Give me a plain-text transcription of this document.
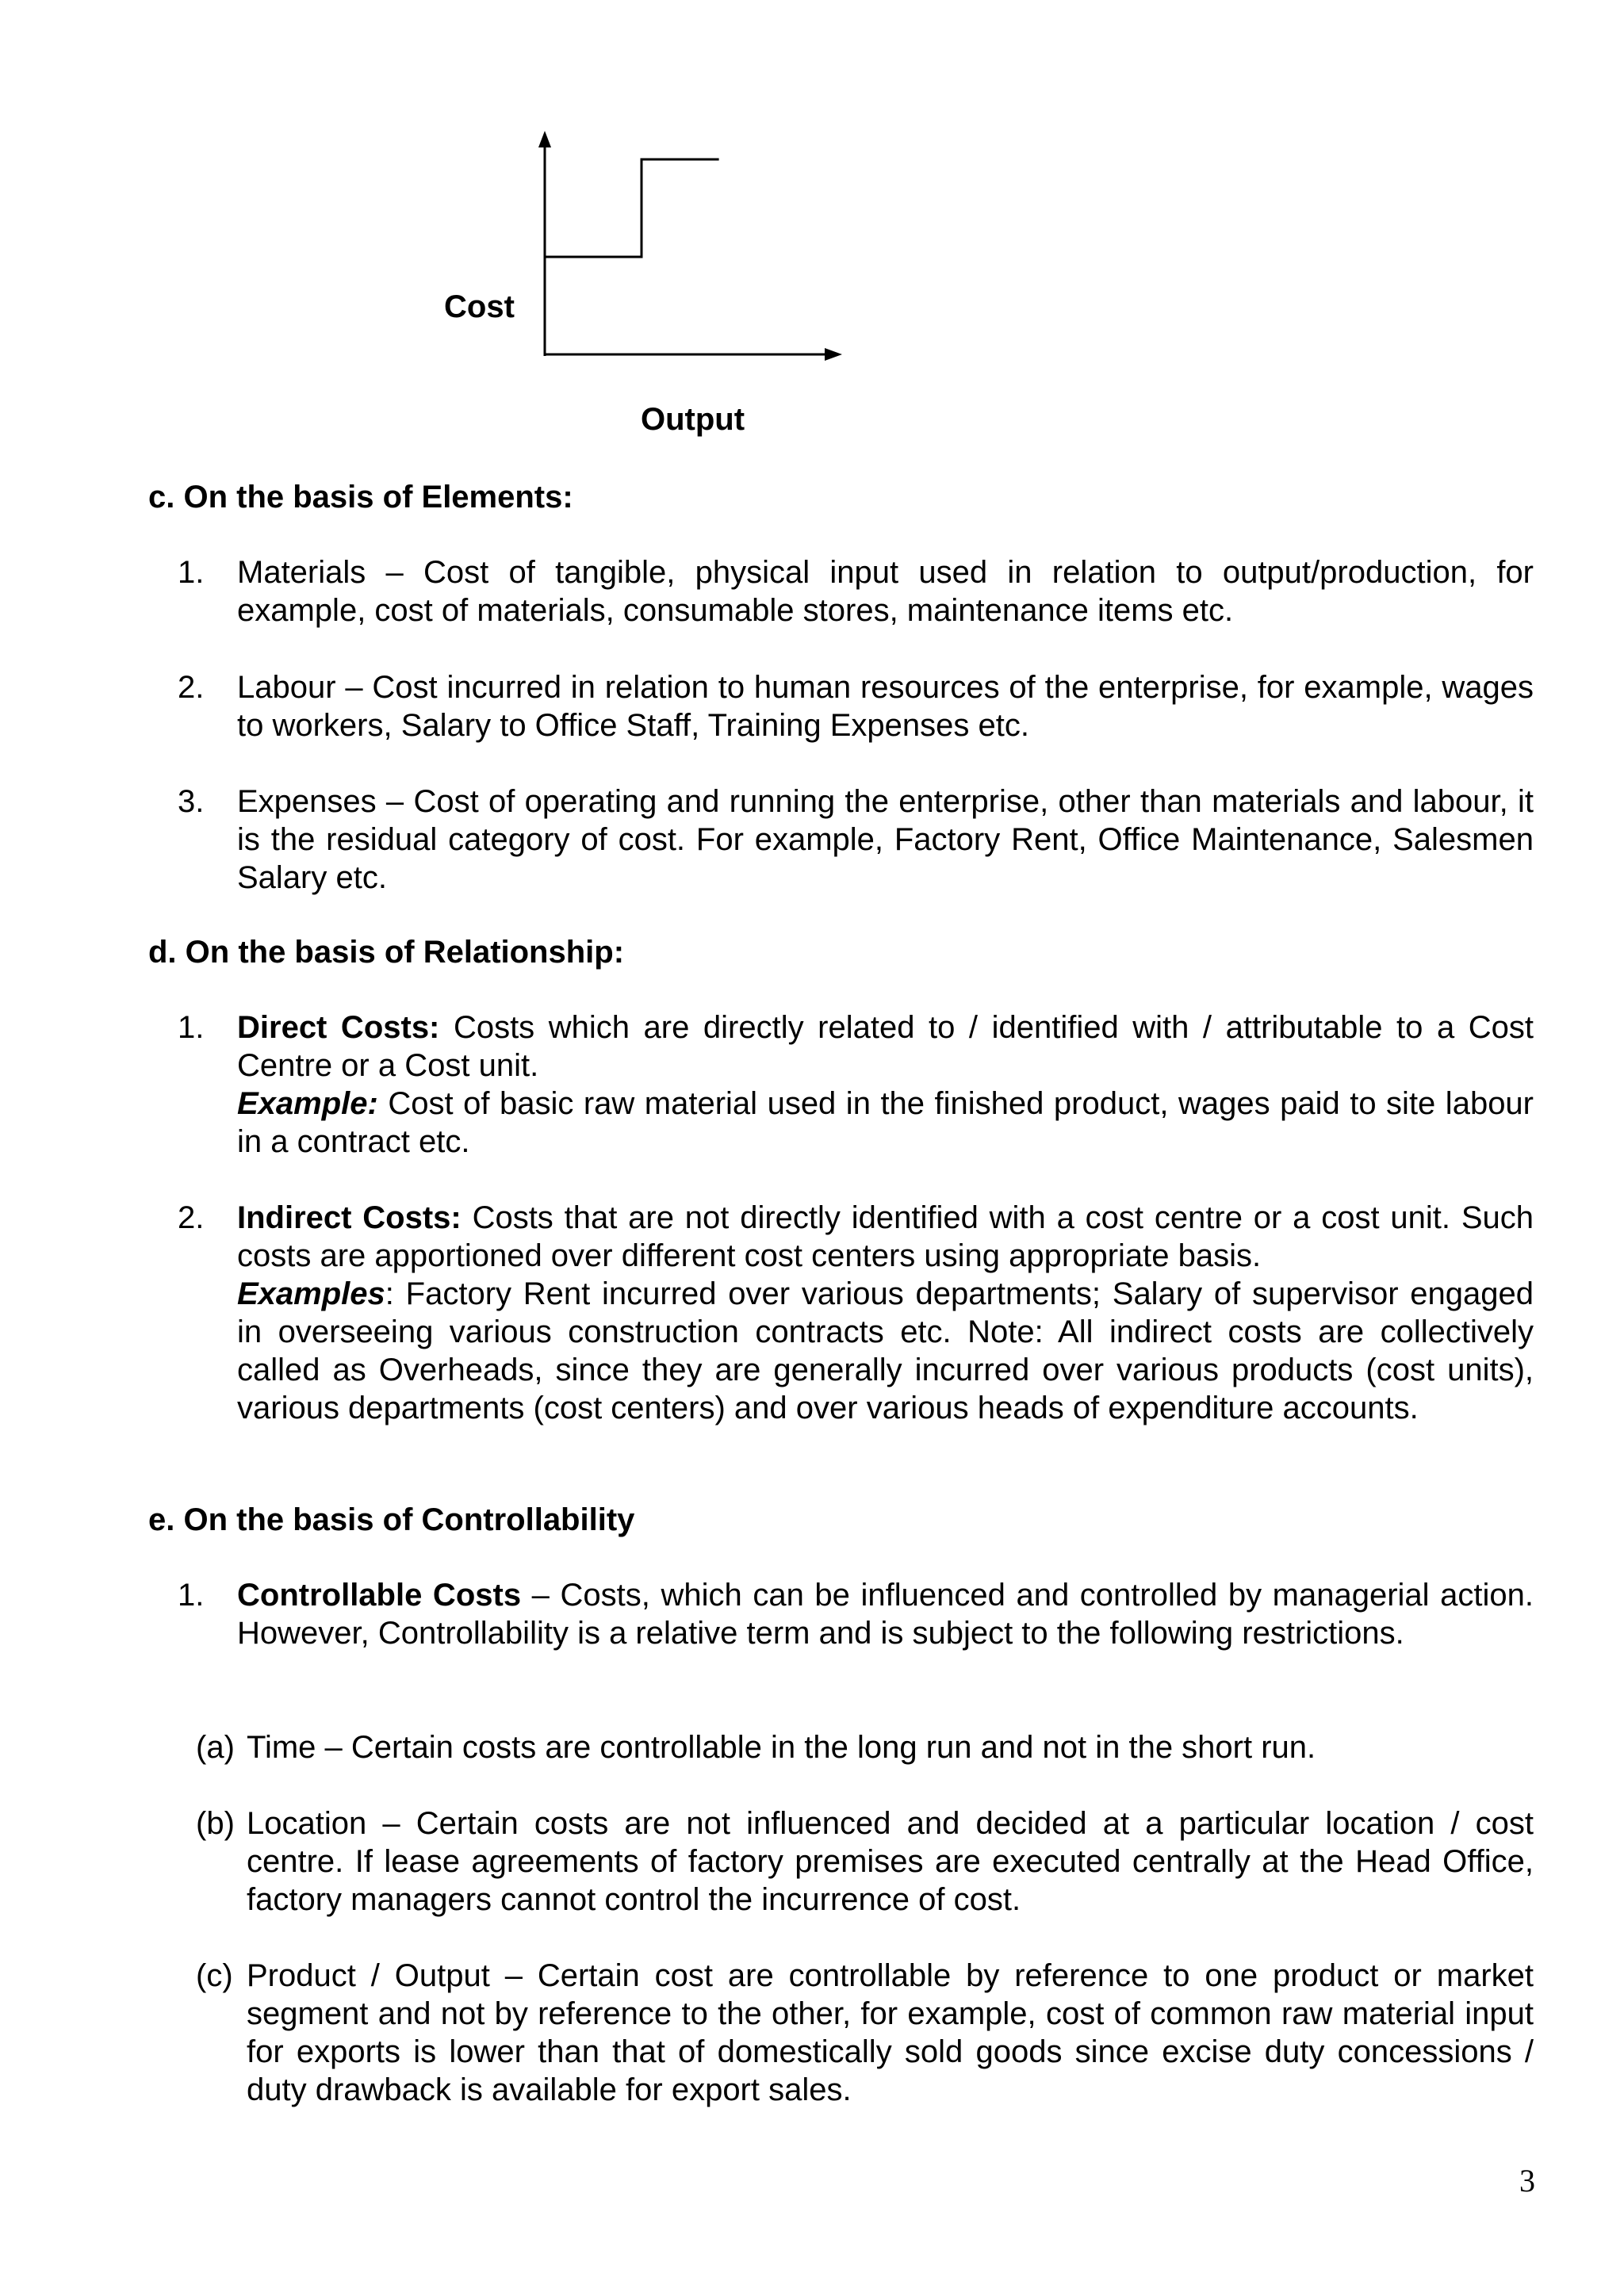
Cost
Output
c. On the basis of Elements:
1.	Materials – Cost of tangible, physical input used in relation to output/production, for example, cost of materials, consumable stores, maintenance items etc.
2.	Labour – Cost incurred in relation to human resources of the enterprise, for example, wages to workers, Salary to Office Staff, Training Expenses etc.
3.	Expenses – Cost of operating and running the enterprise, other than materials and labour, it is the residual category of cost. For example, Factory Rent, Office Maintenance, Salesmen Salary etc.
d. On the basis of Relationship:
1.	Direct Costs: Costs which are directly related to / identified with / attributable to a Cost Centre or a Cost unit.

Example: Cost of basic raw material used in the finished product, wages paid to site labour in a contract etc.

2.	Indirect Costs: Costs that are not directly identified with a cost centre or a cost unit. Such costs are apportioned over different cost centers using appropriate basis.

Examples: Factory Rent incurred over various departments; Salary of supervisor engaged in overseeing various construction contracts etc. Note: All indirect costs are collectively called as Overheads, since they are generally incurred over various products (cost units), various departments (cost centers) and over various heads of expenditure accounts.

e. On the basis of Controllability
1.	Controllable Costs – Costs, which can be influenced and controlled by managerial action. However, Controllability is a relative term and is subject to the following restrictions.

(a) Time – Certain costs are controllable in the long run and not in the short run.
(b) Location – Certain costs are not influenced and decided at a particular location / cost centre. If lease agreements of factory premises are executed centrally at the Head Office, factory managers cannot control the incurrence of cost.
(c) Product / Output – Certain cost are controllable by reference to one product or market segment and not by reference to the other, for example, cost of common raw material input for exports is lower than that of domestically sold goods since excise duty concessions / duty drawback is available for export sales.
3
